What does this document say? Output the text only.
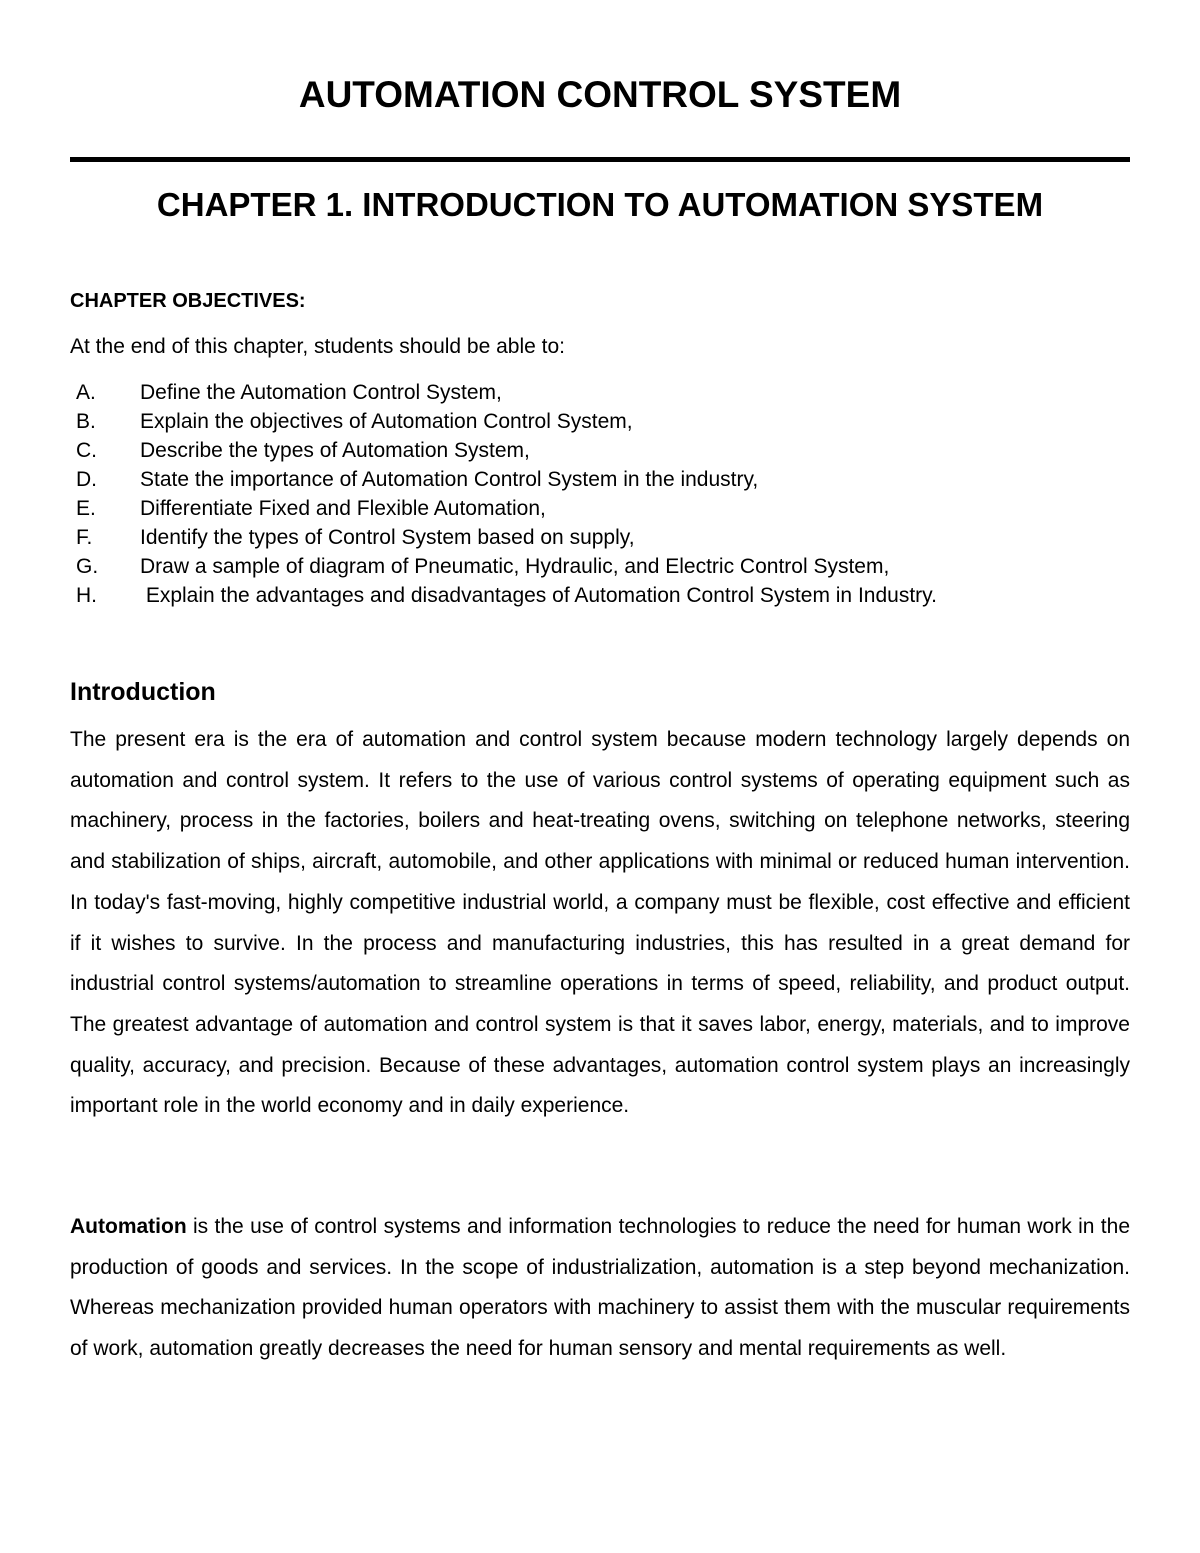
AUTOMATION CONTROL SYSTEM
CHAPTER 1. INTRODUCTION TO AUTOMATION SYSTEM
CHAPTER OBJECTIVES:

At the end of this chapter, students should be able to:

A. Define the Automation Control System,
B. Explain the objectives of Automation Control System,
C. Describe the types of Automation System,
D. State the importance of Automation Control System in the industry,
E. Differentiate Fixed and Flexible Automation,
F. Identify the types of Control System based on supply,
G. Draw a sample of diagram of Pneumatic, Hydraulic, and Electric Control System,
H. Explain the advantages and disadvantages of Automation Control System in Industry.
Introduction

The present era is the era of automation and control system because modern technology largely depends on automation and control system. It refers to the use of various control systems of operating equipment such as machinery, process in the factories, boilers and heat-treating ovens, switching on telephone networks, steering and stabilization of ships, aircraft, automobile, and other applications with minimal or reduced human intervention. In today's fast-moving, highly competitive industrial world, a company must be flexible, cost effective and efficient if it wishes to survive. In the process and manufacturing industries, this has resulted in a great demand for industrial control systems/automation to streamline operations in terms of speed, reliability, and product output. The greatest advantage of automation and control system is that it saves labor, energy, materials, and to improve quality, accuracy, and precision. Because of these advantages, automation control system plays an increasingly important role in the world economy and in daily experience.

Automation is the use of control systems and information technologies to reduce the need for human work in the production of goods and services. In the scope of industrialization, automation is a step beyond mechanization. Whereas mechanization provided human operators with machinery to assist them with the muscular requirements of work, automation greatly decreases the need for human sensory and mental requirements as well.
